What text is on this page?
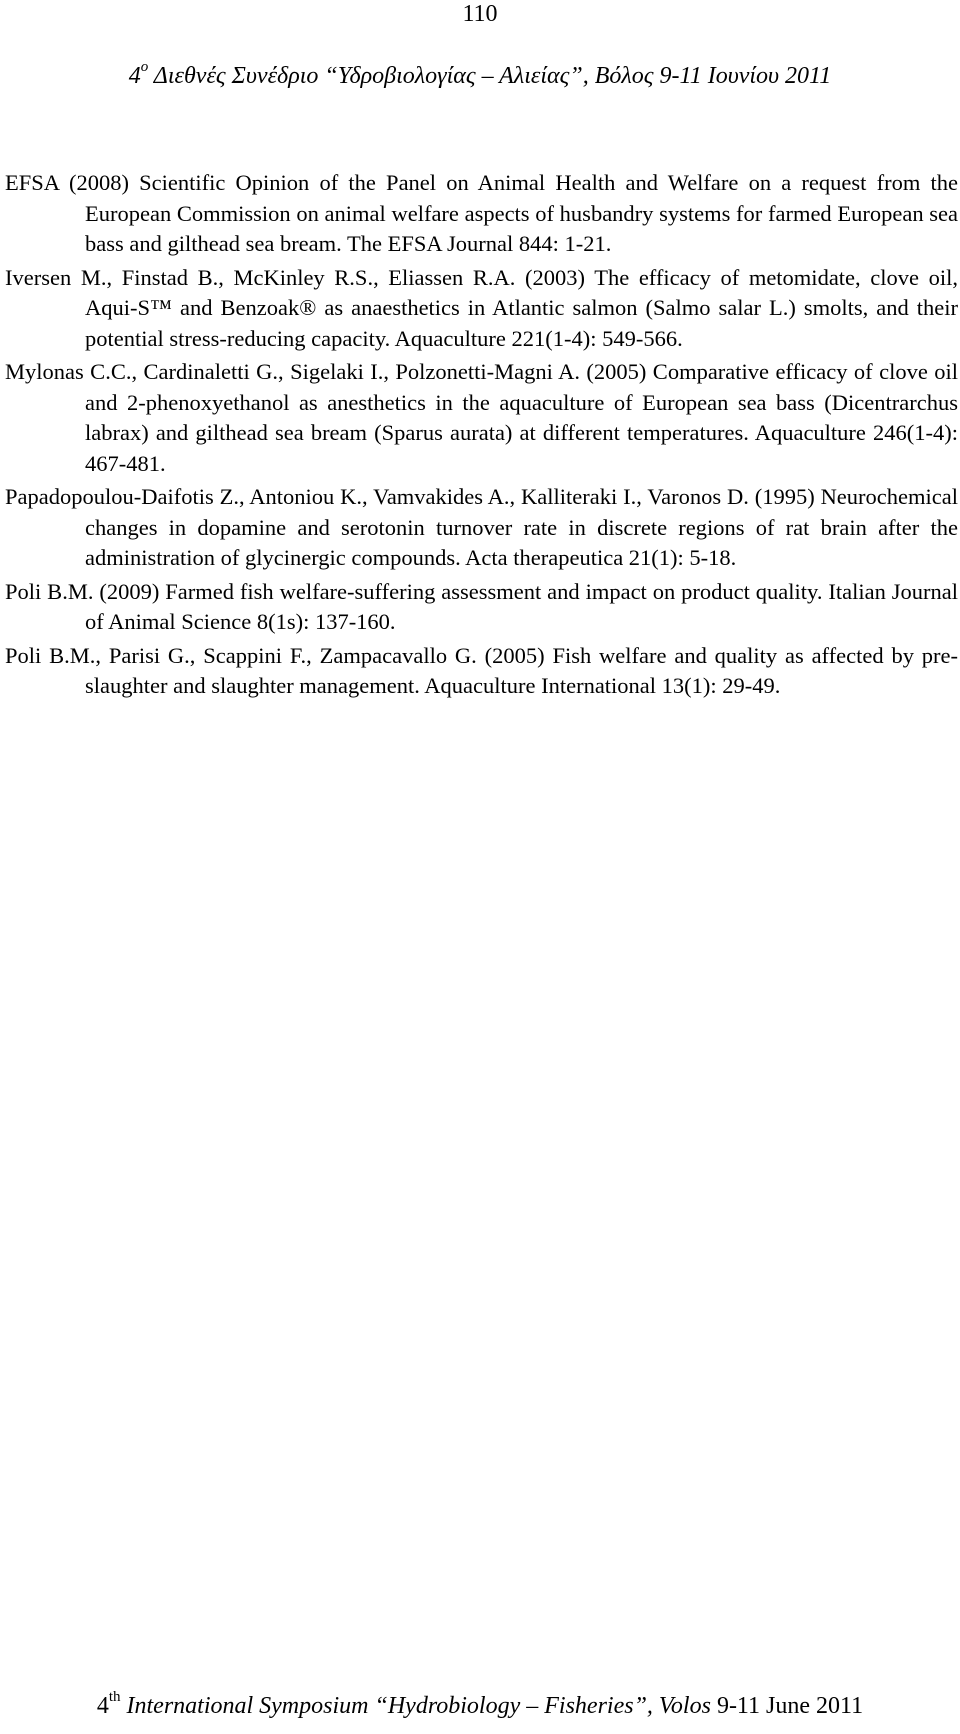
110
$4^o$ Διεθνές Συνέδριο “Υδροβιολογίας – Αλιείας”, Βόλος 9-11 Ιουνίου 2011

EFSA (2008) Scientific Opinion of the Panel on Animal Health and Welfare on a request from the European Commission on animal welfare aspects of husbandry systems for farmed European sea bass and gilthead sea bream. The EFSA Journal 844: 1-21.

Iversen M., Finstad B., McKinley R.S., Eliassen R.A. (2003) The efficacy of metomidate, clove oil, Aqui-S™ and Benzoak® as anaesthetics in Atlantic salmon (Salmo salar L.) smolts, and their potential stress-reducing capacity. Aquaculture 221(1-4): 549-566.

Mylonas C.C., Cardinaletti G., Sigelaki I., Polzonetti-Magni A. (2005) Comparative efficacy of clove oil and 2-phenoxyethanol as anesthetics in the aquaculture of European sea bass (Dicentrarchus labrax) and gilthead sea bream (Sparus aurata) at different temperatures. Aquaculture 246(1-4): 467-481.

Papadopoulou-Daifotis Z., Antoniou K., Vamvakides A., Kalliteraki I., Varonos D. (1995) Neurochemical changes in dopamine and serotonin turnover rate in discrete regions of rat brain after the administration of glycinergic compounds. Acta therapeutica 21(1): 5-18.

Poli B.M. (2009) Farmed fish welfare-suffering assessment and impact on product quality. Italian Journal of Animal Science 8(1s): 137-160.

Poli B.M., Parisi G., Scappini F., Zampacavallo G. (2005) Fish welfare and quality as affected by pre-slaughter and slaughter management. Aquaculture International 13(1): 29-49.

4th International Symposium “Hydrobiology – Fisheries”, Volos 9-11 June 2011
